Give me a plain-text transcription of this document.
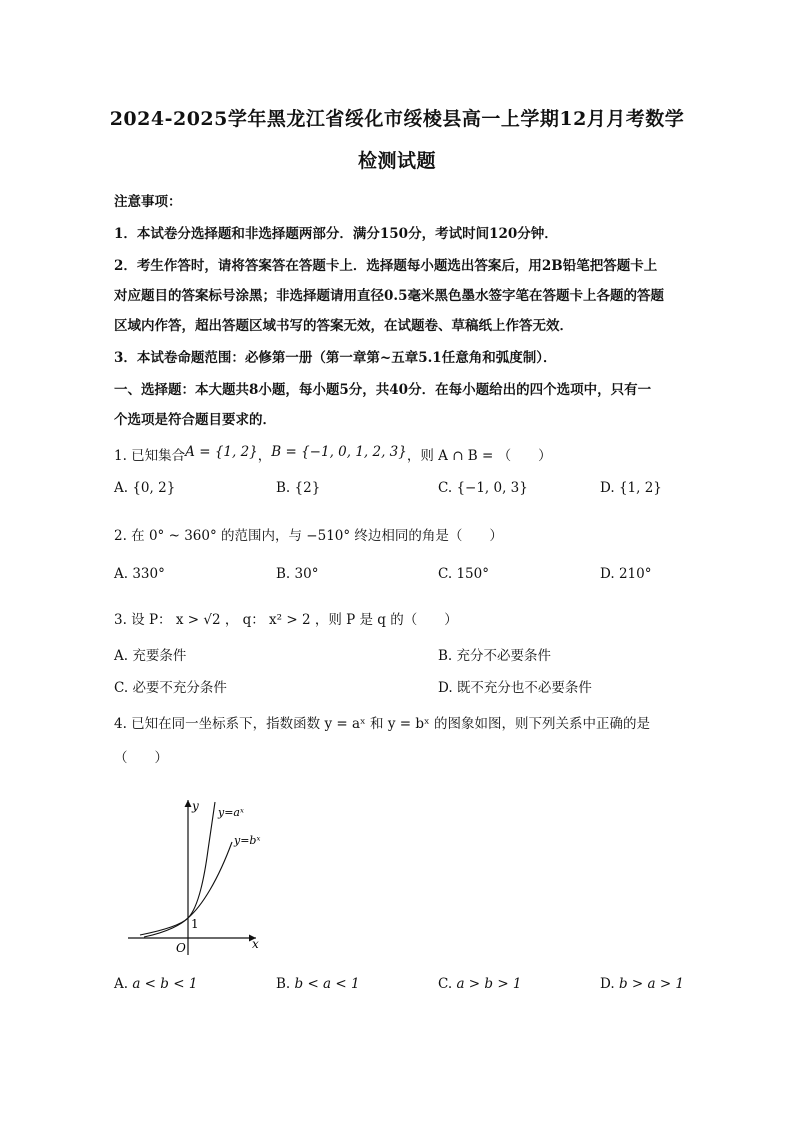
2024-2025学年黑龙江省绥化市绥棱县高一上学期12月月考数学
检测试题
注意事项：
1．本试卷分选择题和非选择题两部分．满分150分，考试时间120分钟．
2．考生作答时，请将答案答在答题卡上．选择题每小题选出答案后，用2B铅笔把答题卡上
对应题目的答案标号涂黑；非选择题请用直径0.5毫米黑色墨水签字笔在答题卡上各题的答题
区域内作答，超出答题区域书写的答案无效，在试题卷、草稿纸上作答无效．
3．本试卷命题范围：必修第一册（第一章第~五章5.1任意角和弧度制）．
一、选择题：本大题共8小题，每小题5分，共40分．在每小题给出的四个选项中，只有一
个选项是符合题目要求的．
1. 已知集合A = {1, 2}，B = {−1, 0, 1, 2, 3}，则 A ∩ B = （　　）
A. {0, 2}	B. {2}	C. {−1, 0, 3}	D. {1, 2}
2. 在 0° ~ 360° 的范围内，与 −510° 终边相同的角是（　　）
A. 330°	B. 30°	C. 150°	D. 210°
3. 设 P： x > √2 ， q： x² > 2 ，则 P 是 q 的（　　）
A. 充要条件	B. 充分不必要条件
C. 必要不充分条件	D. 既不充分也不必要条件
4. 已知在同一坐标系下，指数函数 y = aˣ 和 y = bˣ 的图象如图，则下列关系中正确的是
（　　）
y y=aˣ
y=bˣ
1
O	x
A. a < b < 1	B. b < a < 1	C. a > b > 1	D. b > a > 1
